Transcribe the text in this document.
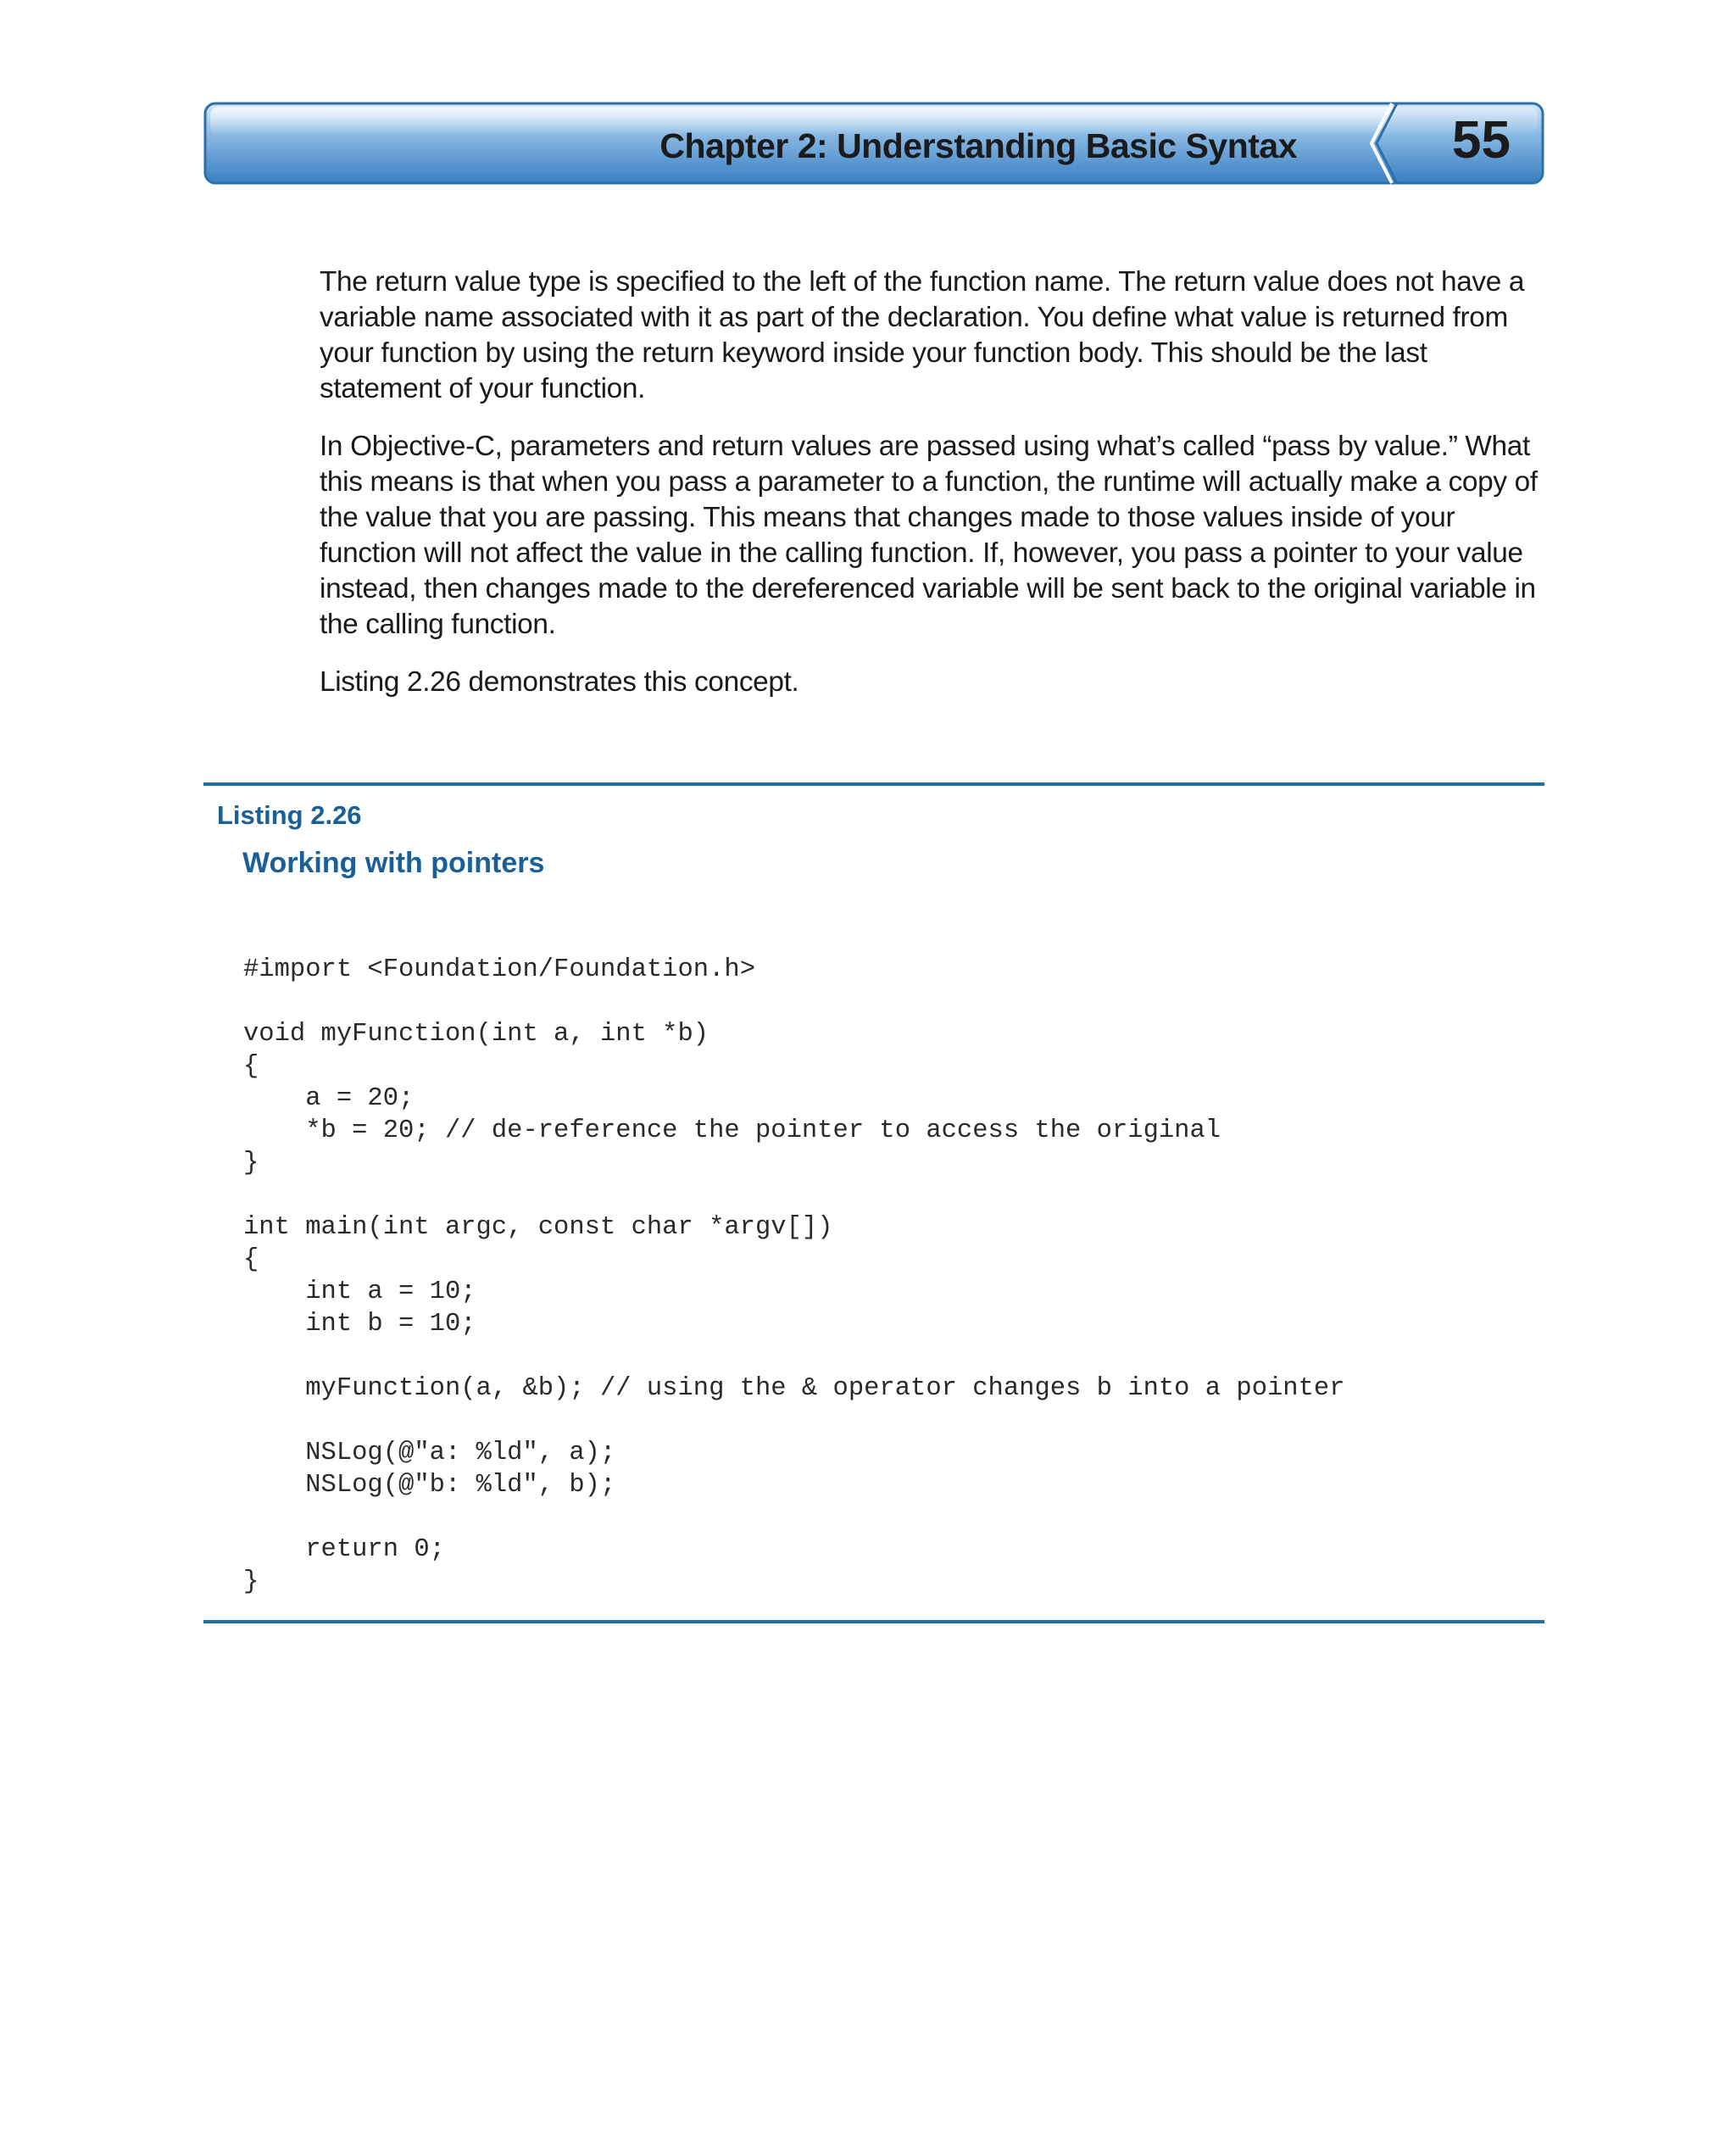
Chapter 2: Understanding Basic Syntax	55

The return value type is specified to the left of the function name. The return value does not have a variable name associated with it as part of the declaration. You define what value is returned from your function by using the return keyword inside your function body. This should be the last statement of your function.

In Objective-C, parameters and return values are passed using what’s called “pass by value.” What this means is that when you pass a parameter to a function, the runtime will actually make a copy of the value that you are passing. This means that changes made to those values inside of your function will not affect the value in the calling function. If, however, you pass a pointer to your value instead, then changes made to the dereferenced variable will be sent back to the original variable in the calling function.

Listing 2.26 demonstrates this concept.

Listing 2.26
Working with pointers
#import <Foundation/Foundation.h>
void myFunction(int a, int *b)
{
a = 20;
*b = 20; // de-reference the pointer to access the original
}
int main(int argc, const char *argv[])
{
int a = 10;
int b = 10;
myFunction(a, &b); // using the & operator changes b into a pointer
NSLog(@"a: %ld", a);
NSLog(@"b: %ld", b);
return 0;
}
